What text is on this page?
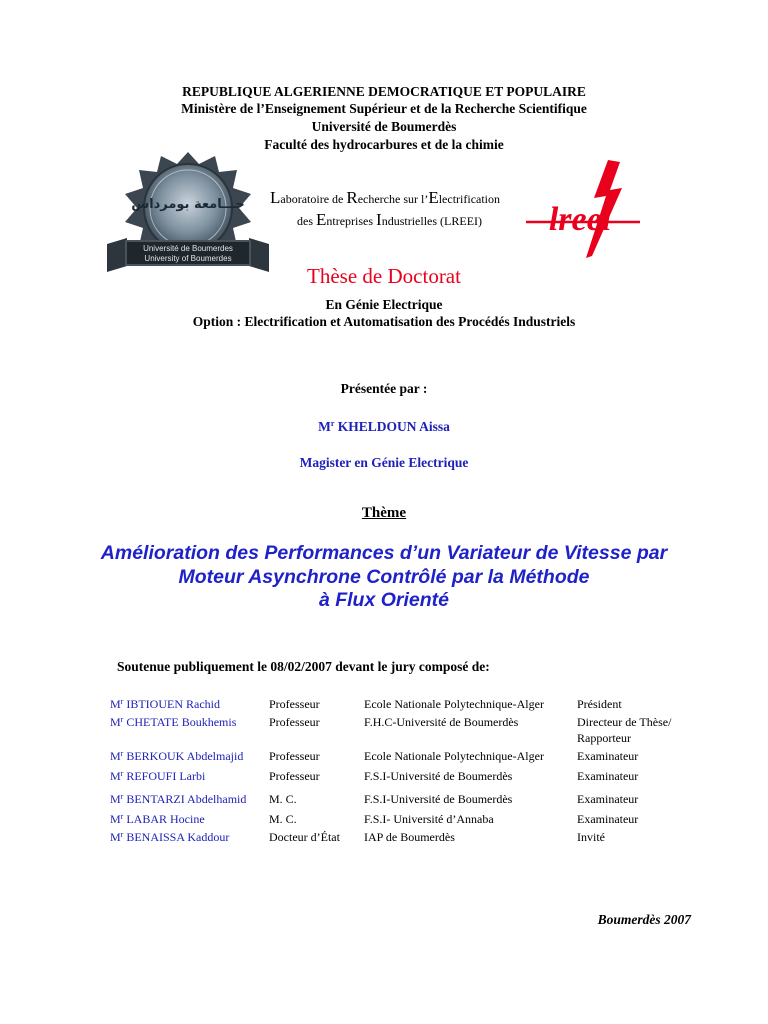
REPUBLIQUE ALGERIENNE DEMOCRATIQUE ET POPULAIRE
Ministère de l’Enseignement Supérieur et de la Recherche Scientifique
Université de Boumerdès
Faculté des hydrocarbures et de la chimie
جـــامعة بومرداس
Université de Boumerdes
University of Boumerdes
Laboratoire de Recherche sur l’Electrification
des Entreprises Industrielles (LREEI) lreei
Thèse de Doctorat
En Génie Electrique
Option : Electrification et Automatisation des Procédés Industriels
Présentée par :
$M^r$ KHELDOUN Aissa
Magister en Génie Electrique
Thème
Amélioration des Performances d’un Variateur de Vitesse par
Moteur Asynchrone Contrôlé par la Méthode
à Flux Orienté
Soutenue publiquement le 08/02/2007 devant le jury composé de:
$M^r$ IBTIOUEN Rachid	Professeur	Ecole Nationale Polytechnique-Alger	Président
$M^r$ CHETATE Boukhemis	Professeur	F.H.C-Université de Boumerdès	Directeur de Thèse/
Rapporteur
$M^r$ BERKOUK Abdelmajid Professeur	Ecole Nationale Polytechnique-Alger	Examinateur
$M^r$ REFOUFI Larbi	Professeur	F.S.I-Université de Boumerdès	Examinateur
$M^r$ BENTARZI Abdelhamid M. C.	F.S.I-Université de Boumerdès	Examinateur
$M^r$ LABAR Hocine	M. C.	F.S.I- Université d’Annaba	Examinateur
$M^r$ BENAISSA Kaddour	Docteur d’État IAP de Boumerdès	Invité
Boumerdès 2007
